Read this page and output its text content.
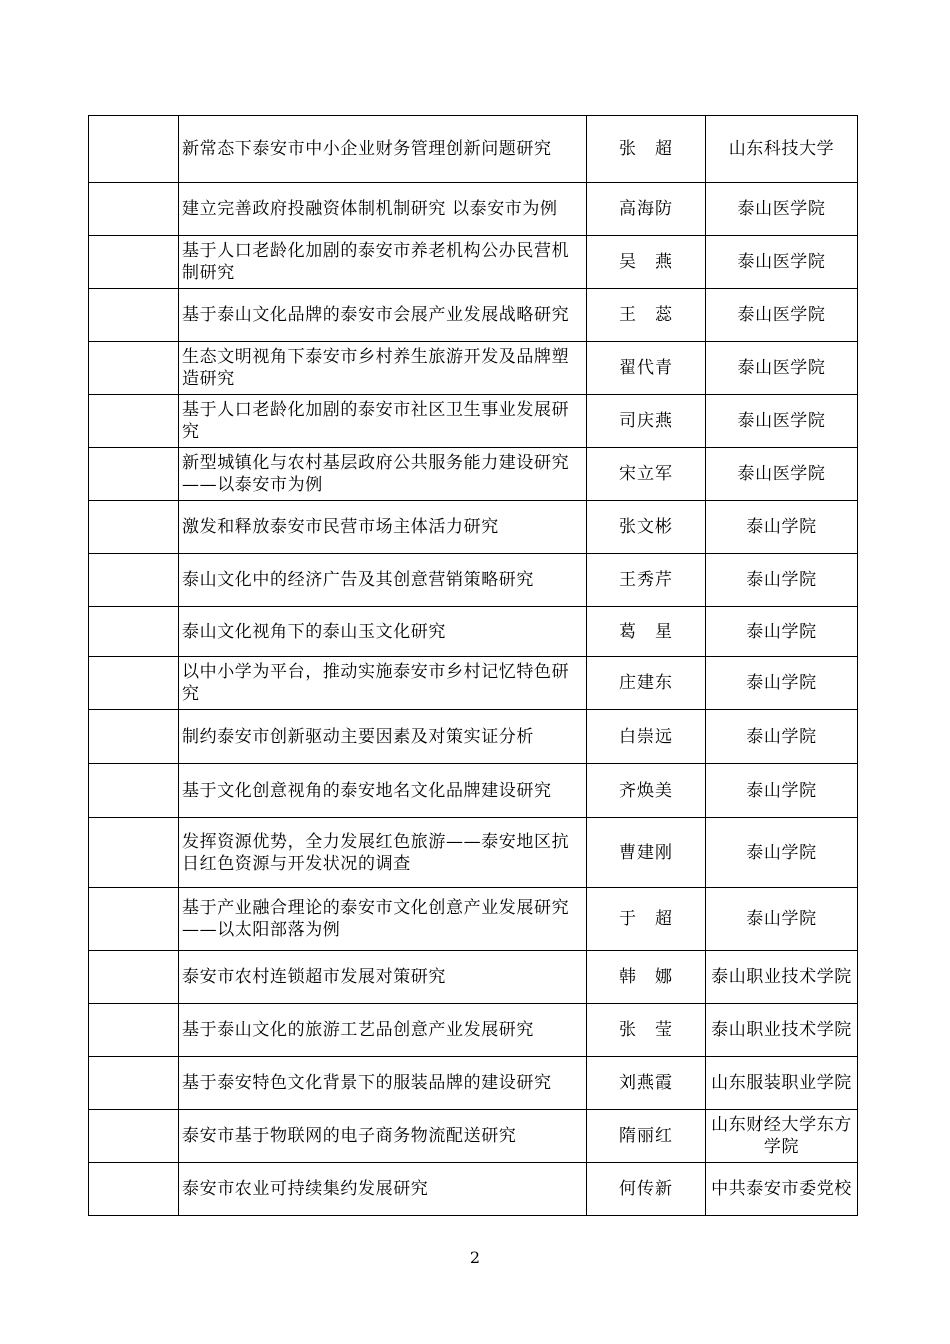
	新常态下泰安市中小企业财务管理创新问题研究	张　超	山东科技大学
	建立完善政府投融资体制机制研究 以泰安市为例	高海防	泰山医学院
	基于人口老龄化加剧的泰安市养老机构公办民营机制研究	吴　燕	泰山医学院
	基于泰山文化品牌的泰安市会展产业发展战略研究	王　蕊	泰山医学院
	生态文明视角下泰安市乡村养生旅游开发及品牌塑造研究	翟代青	泰山医学院
	基于人口老龄化加剧的泰安市社区卫生事业发展研究	司庆燕	泰山医学院
	新型城镇化与农村基层政府公共服务能力建设研究——以泰安市为例	宋立军	泰山医学院
	激发和释放泰安市民营市场主体活力研究	张文彬	泰山学院
	泰山文化中的经济广告及其创意营销策略研究	王秀芹	泰山学院
	泰山文化视角下的泰山玉文化研究	葛　星	泰山学院
	以中小学为平台，推动实施泰安市乡村记忆特色研究	庄建东	泰山学院
	制约泰安市创新驱动主要因素及对策实证分析	白崇远	泰山学院
	基于文化创意视角的泰安地名文化品牌建设研究	齐焕美	泰山学院
	发挥资源优势，全力发展红色旅游——泰安地区抗日红色资源与开发状况的调查	曹建刚	泰山学院
	基于产业融合理论的泰安市文化创意产业发展研究——以太阳部落为例	于　超	泰山学院
	泰安市农村连锁超市发展对策研究	韩　娜	泰山职业技术学院
	基于泰山文化的旅游工艺品创意产业发展研究	张　莹	泰山职业技术学院
	基于泰安特色文化背景下的服装品牌的建设研究	刘燕霞	山东服装职业学院
	泰安市基于物联网的电子商务物流配送研究	隋丽红	山东财经大学东方学院
	泰安市农业可持续集约发展研究	何传新	中共泰安市委党校
2
